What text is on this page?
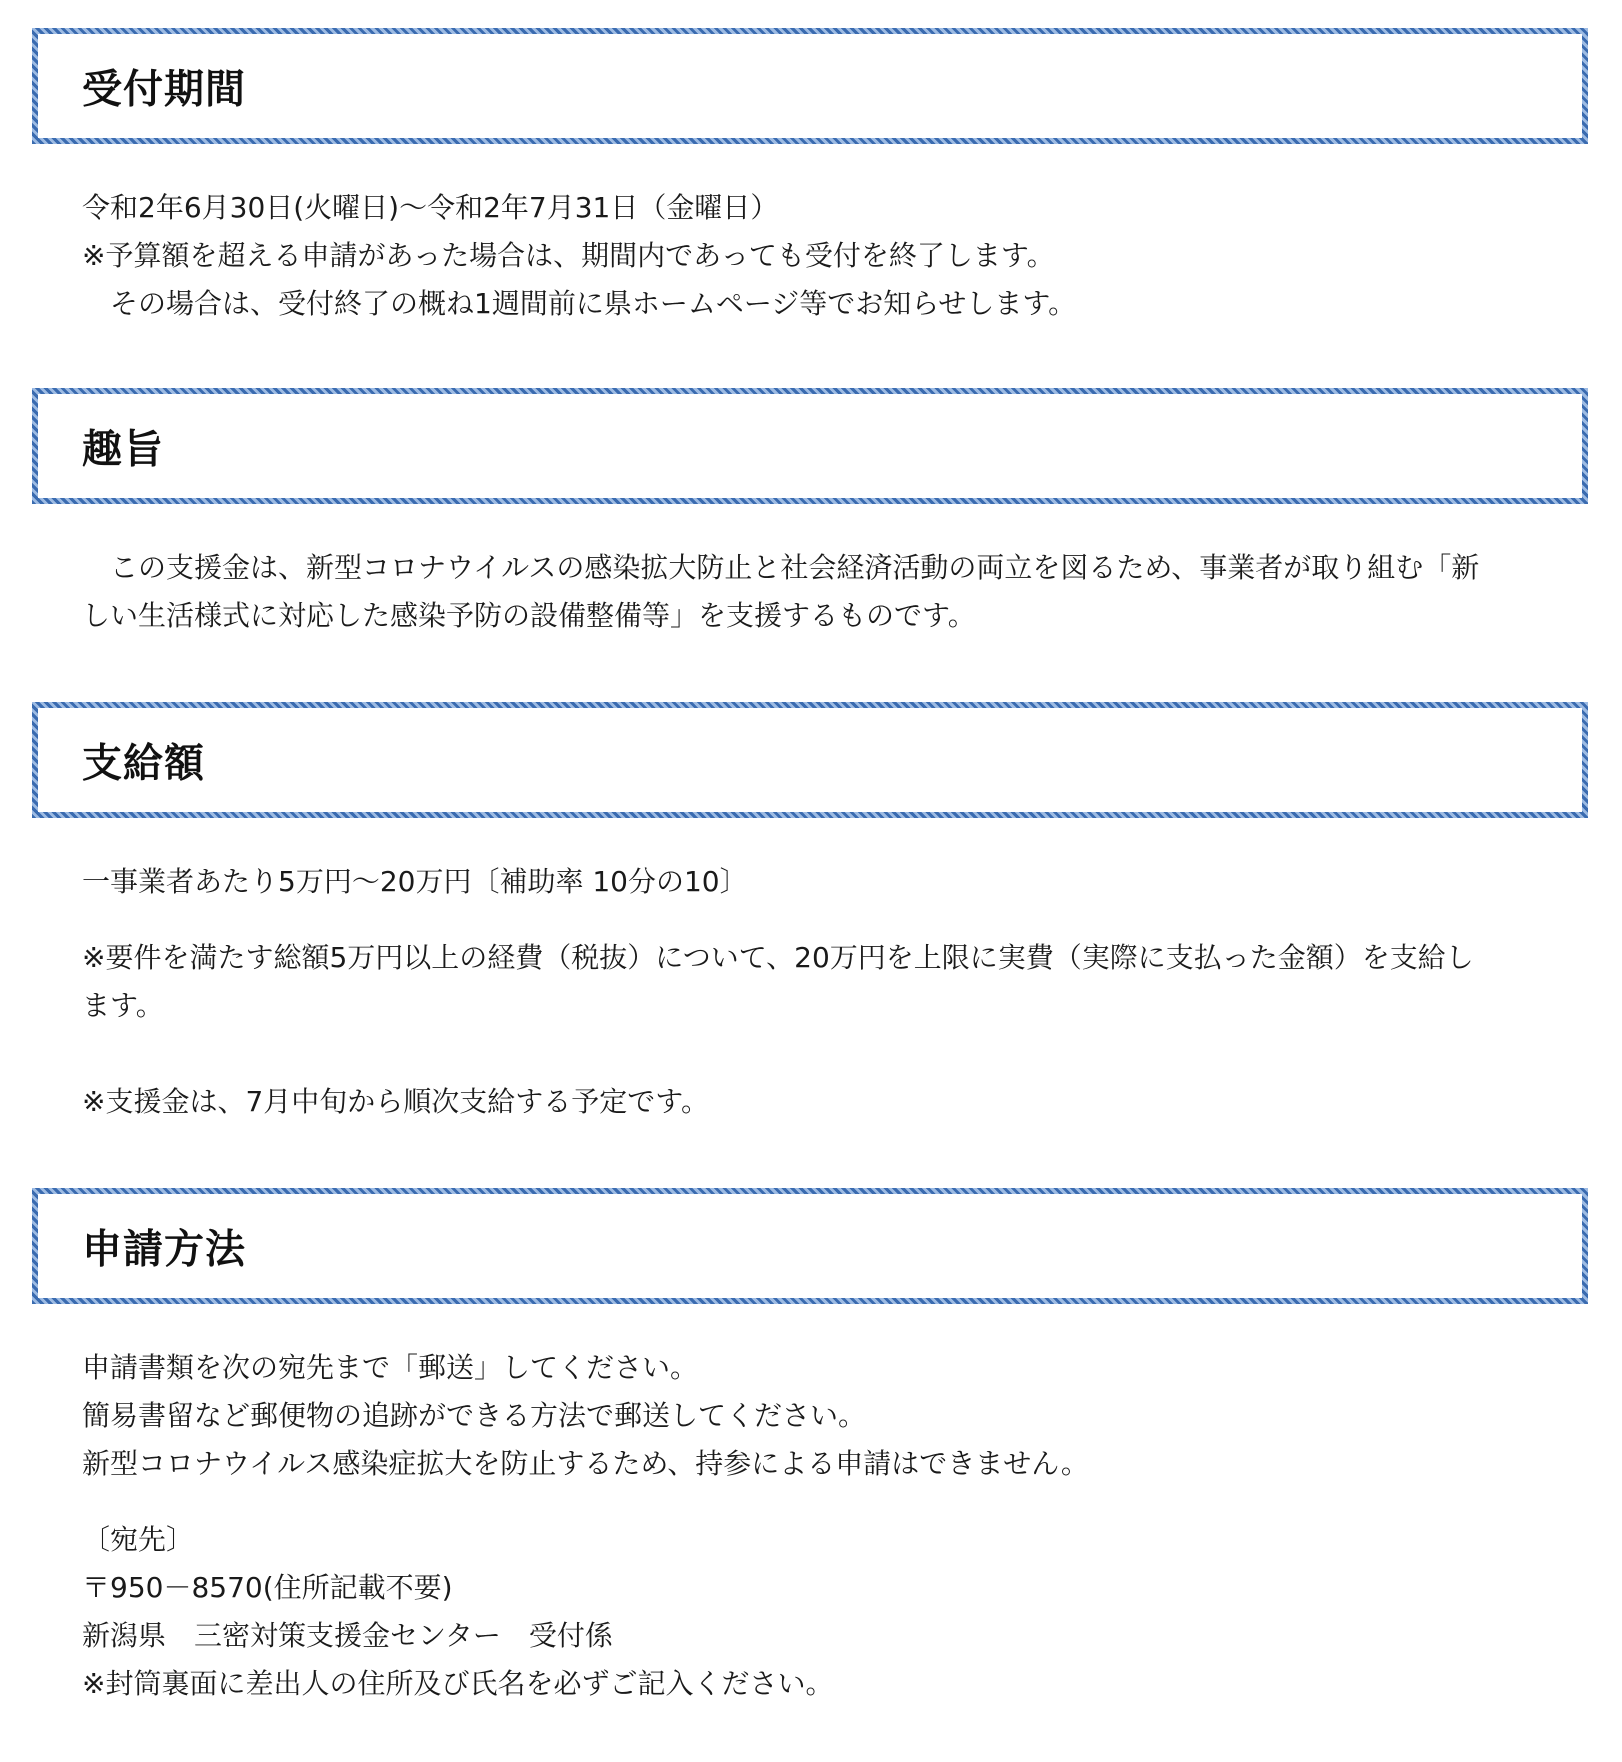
受付期間

令和2年6月30日(火曜日)～令和2年7月31日（金曜日）

※予算額を超える申請があった場合は、期間内であっても受付を終了します。

　その場合は、受付終了の概ね1週間前に県ホームページ等でお知らせします。

趣旨

　この支援金は、新型コロナウイルスの感染拡大防止と社会経済活動の両立を図るため、事業者が取り組む「新

しい生活様式に対応した感染予防の設備整備等」を支援するものです。

支給額

一事業者あたり5万円～20万円〔補助率 10分の10〕

※要件を満たす総額5万円以上の経費（税抜）について、20万円を上限に実費（実際に支払った金額）を支給し

ます。

※支援金は、7月中旬から順次支給する予定です。

申請方法

申請書類を次の宛先まで「郵送」してください。

簡易書留など郵便物の追跡ができる方法で郵送してください。

新型コロナウイルス感染症拡大を防止するため、持参による申請はできません。

〔宛先〕

〒950－8570(住所記載不要)

新潟県　三密対策支援金センター　受付係

※封筒裏面に差出人の住所及び氏名を必ずご記入ください。
